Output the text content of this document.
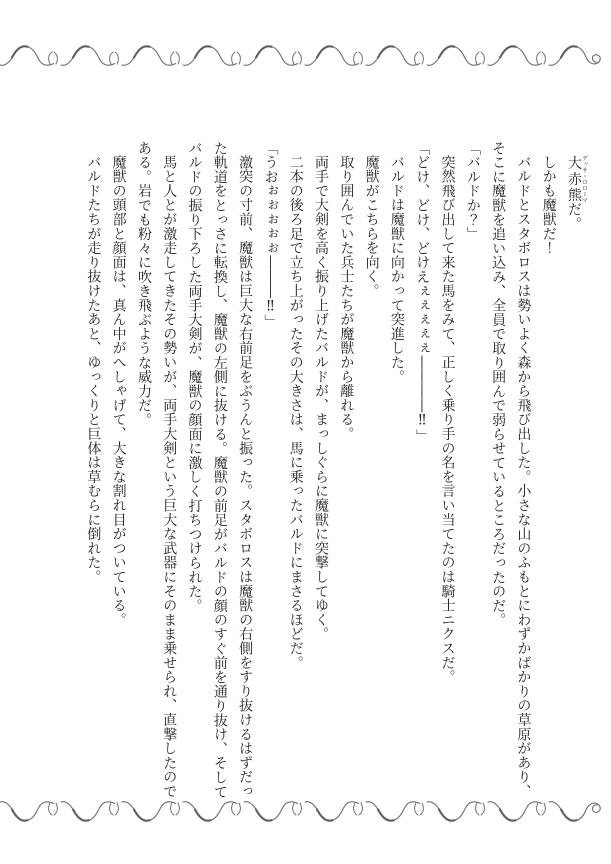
大赤熊デッサ・ロローマだ。

しかも魔獣だ！

バルドとスタボロスは勢いよく森から飛び出した。小さな山のふもとにわずかばかりの草原があり、そこに魔獣を追い込み、全員で取り囲んで弱らせているところだったのだ。

「バルドか？」

突然飛び出して来た馬をみて、正しく乗り手の名を言い当てたのは騎士ニクスだ。

「どけ、どけ、どけえぇぇぇぇぇ――――‼」

バルドは魔獣に向かって突進した。

魔獣がこちらを向く。

取り囲んでいた兵士たちが魔獣から離れる。

両手で大剣を高く振り上げたバルドが、まっしぐらに魔獣に突撃してゆく。

二本の後ろ足で立ち上がったその大きさは、馬に乗ったバルドにまさるほどだ。

「うおぉぉぉぉぉ―――‼」

激突の寸前、魔獣は巨大な右前足をぶうんと振った。スタボロスは魔獣の右側をすり抜けるはずだった軌道をとっさに転換し、魔獣の左側に抜ける。魔獣の前足がバルドの顔のすぐ前を通り抜け、そしてバルドの振り下ろした両手大剣が、魔獣の顔面に激しく打ちつけられた。

馬と人とが激走してきたその勢いが、両手大剣という巨大な武器にそのまま乗せられ、直撃したのである。岩でも粉々に吹き飛ぶような威力だ。

魔獣の頭部と顔面は、真ん中がへしゃげて、大きな割れ目がついている。

バルドたちが走り抜けたあと、ゆっくりと巨体は草むらに倒れた。
